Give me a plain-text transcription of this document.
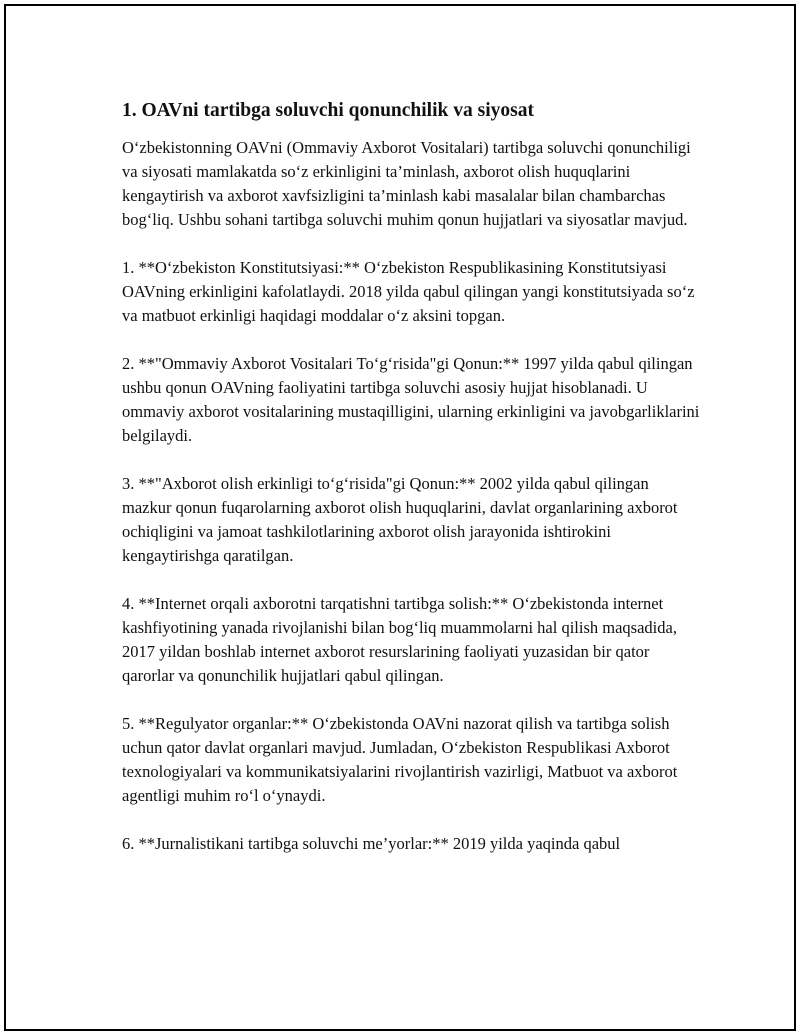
1. OAVni tartibga soluvchi qonunchilik va siyosat

O‘zbekistonning OAVni (Ommaviy Axborot Vositalari) tartibga soluvchi qonunchiligi va siyosati mamlakatda so‘z erkinligini ta’minlash, axborot olish huquqlarini kengaytirish va axborot xavfsizligini ta’minlash kabi masalalar bilan chambarchas bog‘liq. Ushbu sohani tartibga soluvchi muhim qonun hujjatlari va siyosatlar mavjud.

1. **O‘zbekiston Konstitutsiyasi:** O‘zbekiston Respublikasining Konstitutsiyasi OAVning erkinligini kafolatlaydi. 2018 yilda qabul qilingan yangi konstitutsiyada so‘z va matbuot erkinligi haqidagi moddalar o‘z aksini topgan.

2. **"Ommaviy Axborot Vositalari To‘g‘risida"gi Qonun:** 1997 yilda qabul qilingan ushbu qonun OAVning faoliyatini tartibga soluvchi asosiy hujjat hisoblanadi. U ommaviy axborot vositalarining mustaqilligini, ularning erkinligini va javobgarliklarini belgilaydi.

3. **"Axborot olish erkinligi to‘g‘risida"gi Qonun:** 2002 yilda qabul qilingan mazkur qonun fuqarolarning axborot olish huquqlarini, davlat organlarining axborot ochiqligini va jamoat tashkilotlarining axborot olish jarayonida ishtirokini kengaytirishga qaratilgan.

4. **Internet orqali axborotni tarqatishni tartibga solish:** O‘zbekistonda internet kashfiyotining yanada rivojlanishi bilan bog‘liq muammolarni hal qilish maqsadida, 2017 yildan boshlab internet axborot resurslarining faoliyati yuzasidan bir qator qarorlar va qonunchilik hujjatlari qabul qilingan.

5. **Regulyator organlar:** O‘zbekistonda OAVni nazorat qilish va tartibga solish uchun qator davlat organlari mavjud. Jumladan, O‘zbekiston Respublikasi Axborot texnologiyalari va kommunikatsiyalarini rivojlantirish vazirligi, Matbuot va axborot agentligi muhim ro‘l o‘ynaydi.

6. **Jurnalistikani tartibga soluvchi me’yorlar:** 2019 yilda yaqinda qabul
